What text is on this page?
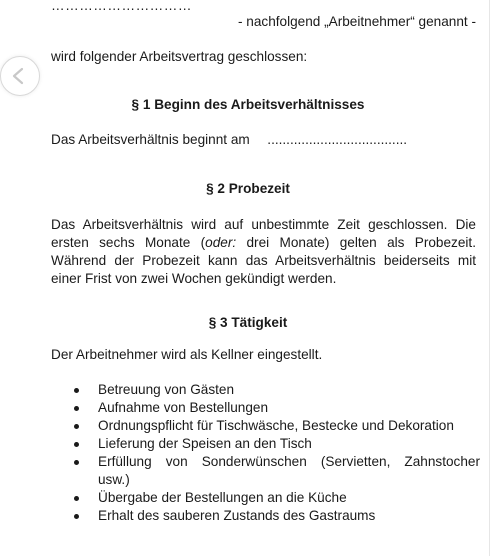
…………………………
- nachfolgend „Arbeitnehmer“ genannt -
wird folgender Arbeitsvertrag geschlossen:
§ 1 Beginn des Arbeitsverhältnisses
Das Arbeitsverhältnis beginnt am .....................................
§ 2 Probezeit
Das Arbeitsverhältnis wird auf unbestimmte Zeit geschlossen. Die
ersten sechs Monate (oder: drei Monate) gelten als Probezeit.
Während der Probezeit kann das Arbeitsverhältnis beiderseits mit
einer Frist von zwei Wochen gekündigt werden.
§ 3 Tätigkeit
Der Arbeitnehmer wird als Kellner eingestellt.
Betreuung von Gästen
Aufnahme von Bestellungen
Ordnungspflicht für Tischwäsche, Bestecke und Dekoration
Lieferung der Speisen an den Tisch
Erfüllung von Sonderwünschen (Servietten, Zahnstocher
usw.)
Übergabe der Bestellungen an die Küche
Erhalt des sauberen Zustands des Gastraums
